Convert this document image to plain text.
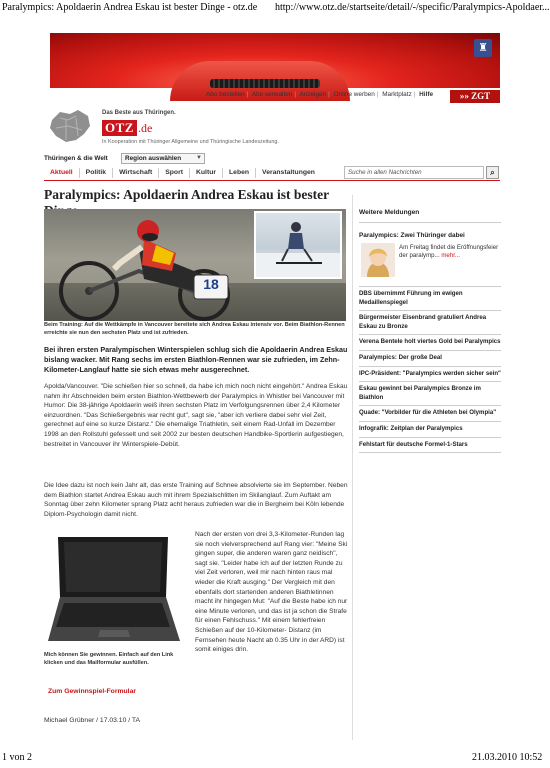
Paralympics: Apoldaerin Andrea Eskau ist bester Dinge - otz.de http://www.otz.de/startseite/detail/-/specific/Paralympics-Apoldaer...
♜
Abo bestellen | Abo verwalten | Anzeigen | Online werben | Marktplatz | Hilfe	»» ZGT
Das Beste aus Thüringen.
OTZ .de
In Kooperation mit Thüringer Allgemeine und Thüringische Landeszeitung.
Thüringen & die Welt	Region auswählen ▼
Aktuell	Politik	Wirtschaft	Sport	Kultur	Leben	Veranstaltungen	Suche in allen Nachrichten	⌕
Paralympics: Apoldaerin Andrea Eskau ist bester
18
Beim Training: Auf die Wettkämpfe in Vancouver bereitete sich Andrea Eskau intensiv vor. Beim Biathlon-Rennen erreichte sie nun den sechsten Platz und ist zufrieden.

Bei ihren ersten Paralympischen Winterspielen schlug sich die Apoldaerin Andrea Eskau bislang wacker. Mit Rang sechs im ersten Biathlon-Rennen war sie zufrieden, im Zehn-Kilometer-Langlauf hatte sie sich etwas mehr ausgerechnet.

Apolda/Vancouver. "Die schießen hier so schnell, da habe ich mich noch nicht eingehört." Andrea Eskau nahm ihr Abschneiden beim ersten Biathlon-Wettbewerb der Paralympics in Whistler bei Vancouver mit Humor: Die 38-jährige Apoldaerin weiß ihren sechsten Platz im Verfolgungsrennen über 2,4 Kilometer einzuordnen. "Das Schießergebnis war recht gut", sagt sie, "aber ich verliere dabei sehr viel Zeit, gerechnet auf eine so kurze Distanz." Die ehemalige Triathletin, seit einem Rad-Unfall im Dezember 1998 an den Rollstuhl gefesselt und seit 2002 zur besten deutschen Handbike-Sportlerin aufgestiegen, bestreitet in Vancouver ihr Winterspiele-Debüt.

Die Idee dazu ist noch kein Jahr alt, das erste Training auf Schnee absolvierte sie im September. Neben dem Biathlon startet Andrea Eskau auch mit ihrem Spezialschlitten im Skilanglauf. Zum Auftakt am Sonntag über zehn Kilometer sprang Platz acht heraus zufrieden war die in Bergheim bei Köln lebende Diplom-Psychologin damit nicht.

Mich können Sie gewinnen. Einfach auf den Link klicken und das Mailformular ausfüllen.

Nach der ersten von drei 3,3-Kilometer-Runden lag sie noch vielversprechend auf Rang vier: "Meine Ski gingen super, die anderen waren ganz neidisch", sagt sie. "Leider habe ich auf der letzten Runde zu viel Zeit verloren, weil mir nach hinten raus mal wieder die Kraft ausging." Der Vergleich mit den ebenfalls dort startenden anderen Biathletinnen macht ihr hingegen Mut: "Auf die Beste habe ich nur eine Minute verloren, und das ist ja schon die Strafe für einen Fehlschuss." Mit einem fehlerfreien Schießen auf der 10-Kilometer- Distanz (im Fernsehen heute Nacht ab 0.35 Uhr in der ARD) ist somit einiges drin.

Zum Gewinnspiel-Formular
Michael Grübner / 17.03.10 / TA
Weitere Meldungen
Paralympics: Zwei Thüringer dabei
Am Freitag findet die Eröffnungsfeier der paralymp... mehr...
DBS übernimmt Führung im ewigen Medaillenspiegel
Bürgermeister Eisenbrand gratuliert Andrea Eskau zu Bronze
Verena Bentele holt viertes Gold bei Paralympics
Paralympics: Der große Deal
IPC-Präsident: "Paralympics werden sicher sein"
Eskau gewinnt bei Paralympics Bronze im Biathlon
Quade: "Vorbilder für die Athleten bei Olympia"
Infografik: Zeitplan der Paralympics
Fehlstart für deutsche Formel-1-Stars
1 von 2	21.03.2010 10:52
